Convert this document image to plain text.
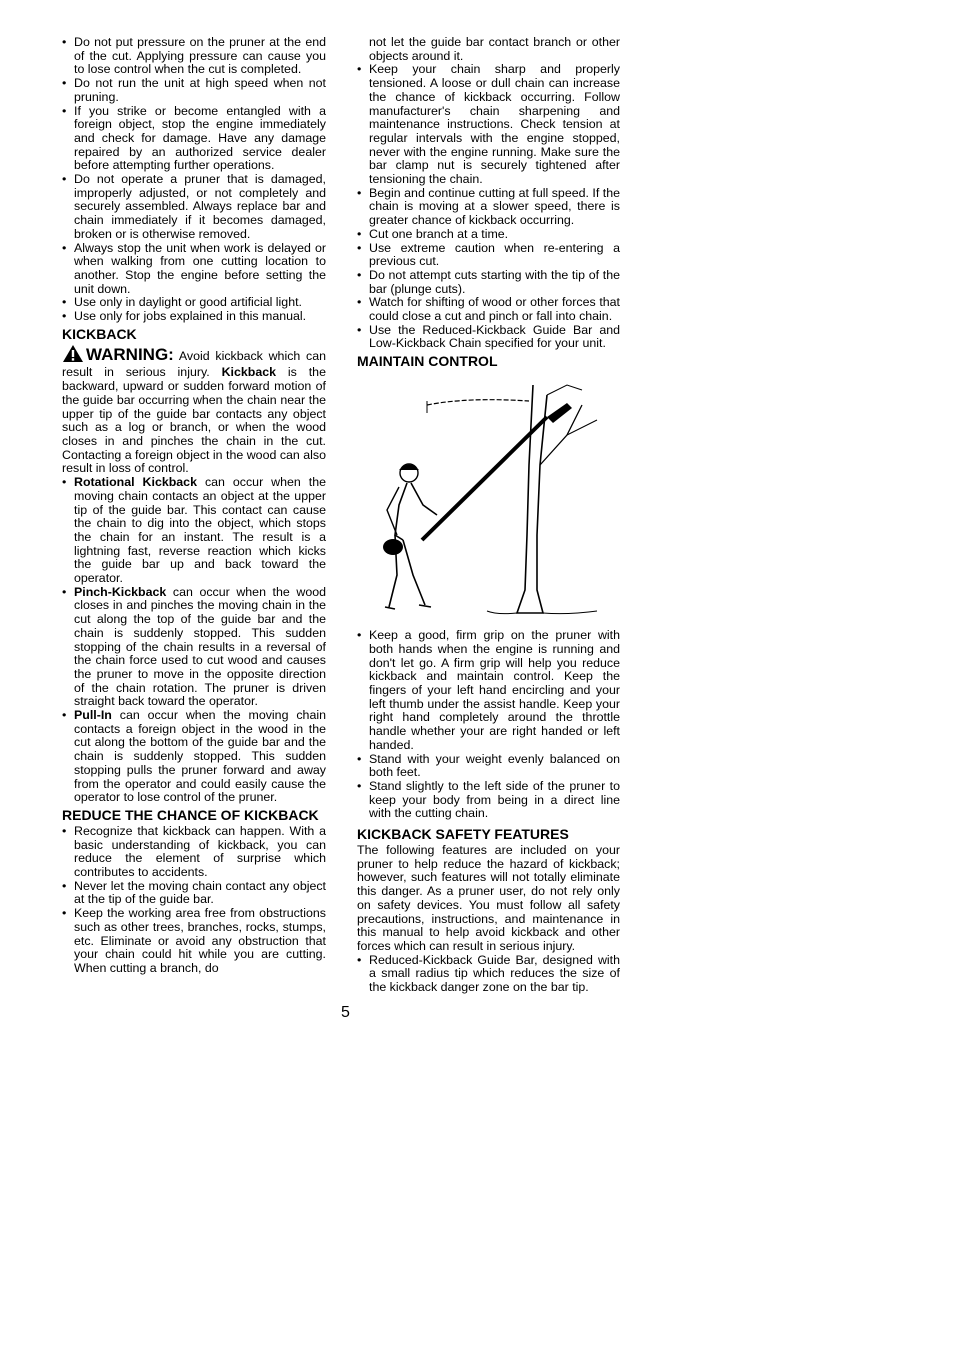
• Do not put pressure on the pruner at the end of the cut. Applying pressure can cause you to lose control when the cut is completed.
• Do not run the unit at high speed when not pruning.
• If you strike or become entangled with a foreign object, stop the engine immediately and check for damage. Have any damage repaired by an authorized service dealer before attempting further operations.
• Do not operate a pruner that is damaged, improperly adjusted, or not completely and securely assembled. Always replace bar and chain immediately if it becomes damaged, broken or is otherwise removed.
• Always stop the unit when work is delayed or when walking from one cutting location to another. Stop the engine before setting the unit down.
• Use only in daylight or good artificial light.
• Use only for jobs explained in this manual.
KICKBACK

WARNING: Avoid kickback which can result in serious injury. Kickback is the backward, upward or sudden forward motion of the guide bar occurring when the chain near the upper tip of the guide bar contacts any object such as a log or branch, or when the wood closes in and pinches the chain in the cut. Contacting a foreign object in the wood can also result in loss of control.

• Rotational Kickback can occur when the moving chain contacts an object at the upper tip of the guide bar. This contact can cause the chain to dig into the object, which stops the chain for an instant. The result is a lightning fast, reverse reaction which kicks the guide bar up and back toward the operator.
• Pinch-Kickback can occur when the wood closes in and pinches the moving chain in the cut along the top of the guide bar and the chain is suddenly stopped. This sudden stopping of the chain results in a reversal of the chain force used to cut wood and causes the pruner to move in the opposite direction of the chain rotation. The pruner is driven straight back toward the operator.
• Pull-In can occur when the moving chain contacts a foreign object in the wood in the cut along the bottom of the guide bar and the chain is suddenly stopped. This sudden stopping pulls the pruner forward and away from the operator and could easily cause the operator to lose control of the pruner.
REDUCE THE CHANCE OF KICKBACK
• Recognize that kickback can happen. With a basic understanding of kickback, you can reduce the element of surprise which contributes to accidents.
• Never let the moving chain contact any object at the tip of the guide bar.
• Keep the working area free from obstructions such as other trees, branches, rocks, stumps, etc. Eliminate or avoid any obstruction that your chain could hit while you are cutting. When cutting a branch, do

not let the guide bar contact branch or other objects around it.

• Keep your chain sharp and properly tensioned. A loose or dull chain can increase the chance of kickback occurring. Follow manufacturer's chain sharpening and maintenance instructions. Check tension at regular intervals with the engine stopped, never with the engine running. Make sure the bar clamp nut is securely tightened after tensioning the chain.
• Begin and continue cutting at full speed. If the chain is moving at a slower speed, there is greater chance of kickback occurring.
• Cut one branch at a time.
• Use extreme caution when re-entering a previous cut.
• Do not attempt cuts starting with the tip of the bar (plunge cuts).
• Watch for shifting of wood or other forces that could close a cut and pinch or fall into chain.
• Use the Reduced-Kickback Guide Bar and Low-Kickback Chain specified for your unit.
MAINTAIN CONTROL
• Keep a good, firm grip on the pruner with both hands when the engine is running and don't let go. A firm grip will help you reduce kickback and maintain control. Keep the fingers of your left hand encircling and your left thumb under the assist handle. Keep your right hand completely around the throttle handle whether your are right handed or left handed.
• Stand with your weight evenly balanced on both feet.
• Stand slightly to the left side of the pruner to keep your body from being in a direct line with the cutting chain.
KICKBACK SAFETY FEATURES

The following features are included on your pruner to help reduce the hazard of kickback; however, such features will not totally eliminate this danger. As a pruner user, do not rely only on safety devices. You must follow all safety precautions, instructions, and maintenance in this manual to help avoid kickback and other forces which can result in serious injury.

• Reduced-Kickback Guide Bar, designed with a small radius tip which reduces the size of the kickback danger zone on the bar tip.
5
